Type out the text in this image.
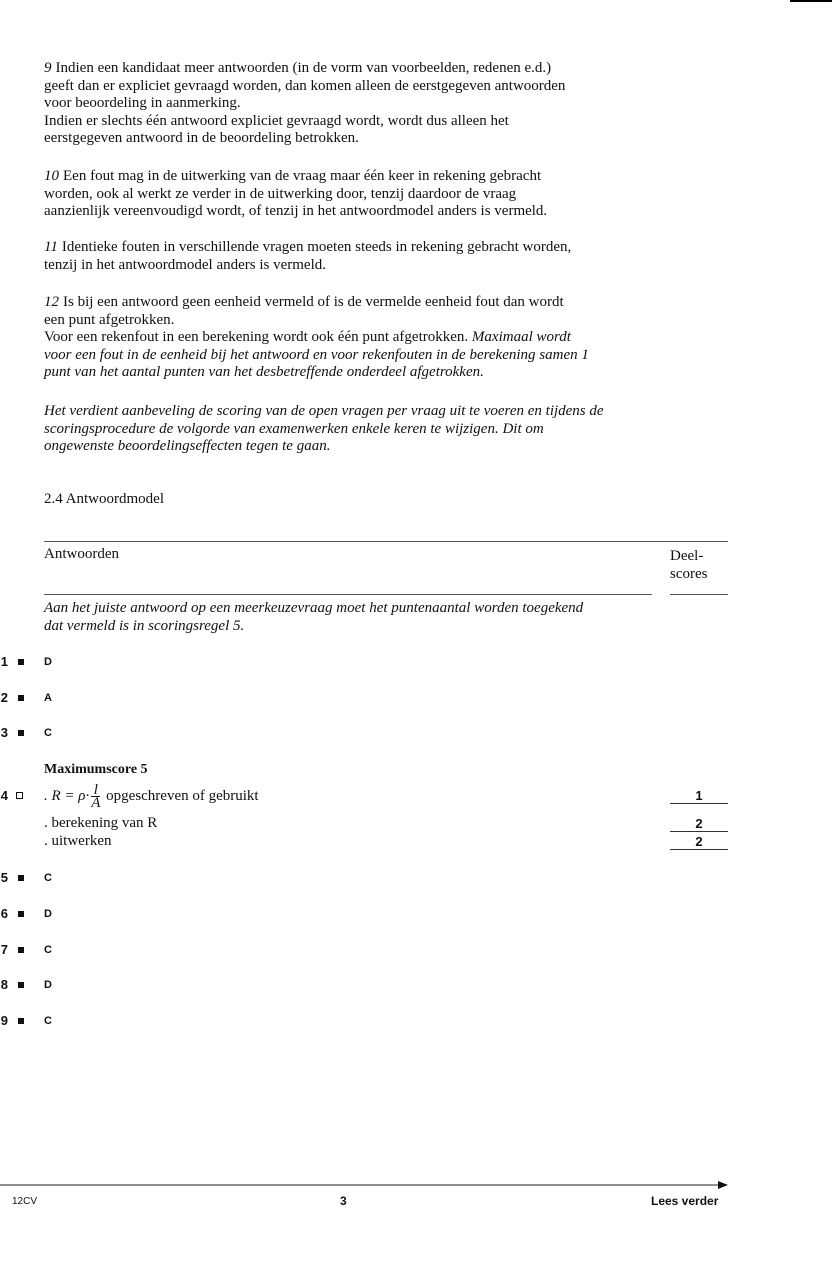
9 Indien een kandidaat meer antwoorden (in de vorm van voorbeelden, redenen e.d.)
geeft dan er expliciet gevraagd worden, dan komen alleen de eerstgegeven antwoorden
voor beoordeling in aanmerking.
Indien er slechts één antwoord expliciet gevraagd wordt, wordt dus alleen het
eerstgegeven antwoord in de beoordeling betrokken.
10 Een fout mag in de uitwerking van de vraag maar één keer in rekening gebracht
worden, ook al werkt ze verder in de uitwerking door, tenzij daardoor de vraag
aanzienlijk vereenvoudigd wordt, of tenzij in het antwoordmodel anders is vermeld.
11 Identieke fouten in verschillende vragen moeten steeds in rekening gebracht worden,
tenzij in het antwoordmodel anders is vermeld.
12 Is bij een antwoord geen eenheid vermeld of is de vermelde eenheid fout dan wordt
een punt afgetrokken.
Voor een rekenfout in een berekening wordt ook één punt afgetrokken. Maximaal wordt
voor een fout in de eenheid bij het antwoord en voor rekenfouten in de berekening samen 1
punt van het aantal punten van het desbetreffende onderdeel afgetrokken.
Het verdient aanbeveling de scoring van de open vragen per vraag uit te voeren en tijdens de
scoringsprocedure de volgorde van examenwerken enkele keren te wijzigen. Dit om
ongewenste beoordelingseffecten tegen te gaan.
2.4 Antwoordmodel
Antwoorden	Deel-
scores
Aan het juiste antwoord op een meerkeuzevraag moet het puntenaantal worden toegekend
dat vermeld is in scoringsregel 5.
1	D
2	A
3	C
Maximumscore 5
4 . $R = \rho\cdot \frac{l}{A}$ opgeschreven of gebruikt	1
. berekening van R	2
. uitwerken	2
5	C
6	D
7	C
8	D
9	C
12CV	3	Lees verder
